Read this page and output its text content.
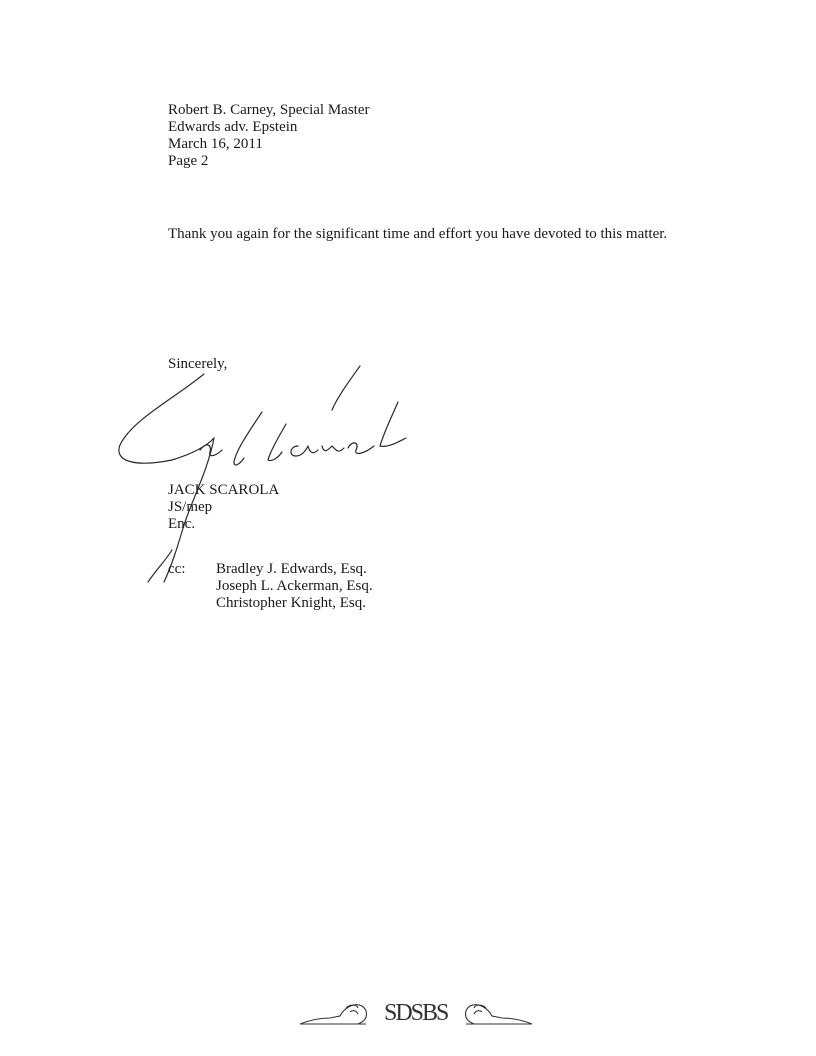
Robert B. Carney, Special Master
Edwards adv. Epstein
March 16, 2011
Page 2

Thank you again for the significant time and effort you have devoted to this matter.

Sincerely,
JACK SCAROLA
JS/mep
Enc.
cc: Bradley J. Edwards, Esq.
Joseph L. Ackerman, Esq.
Christopher Knight, Esq.
SDSBS
